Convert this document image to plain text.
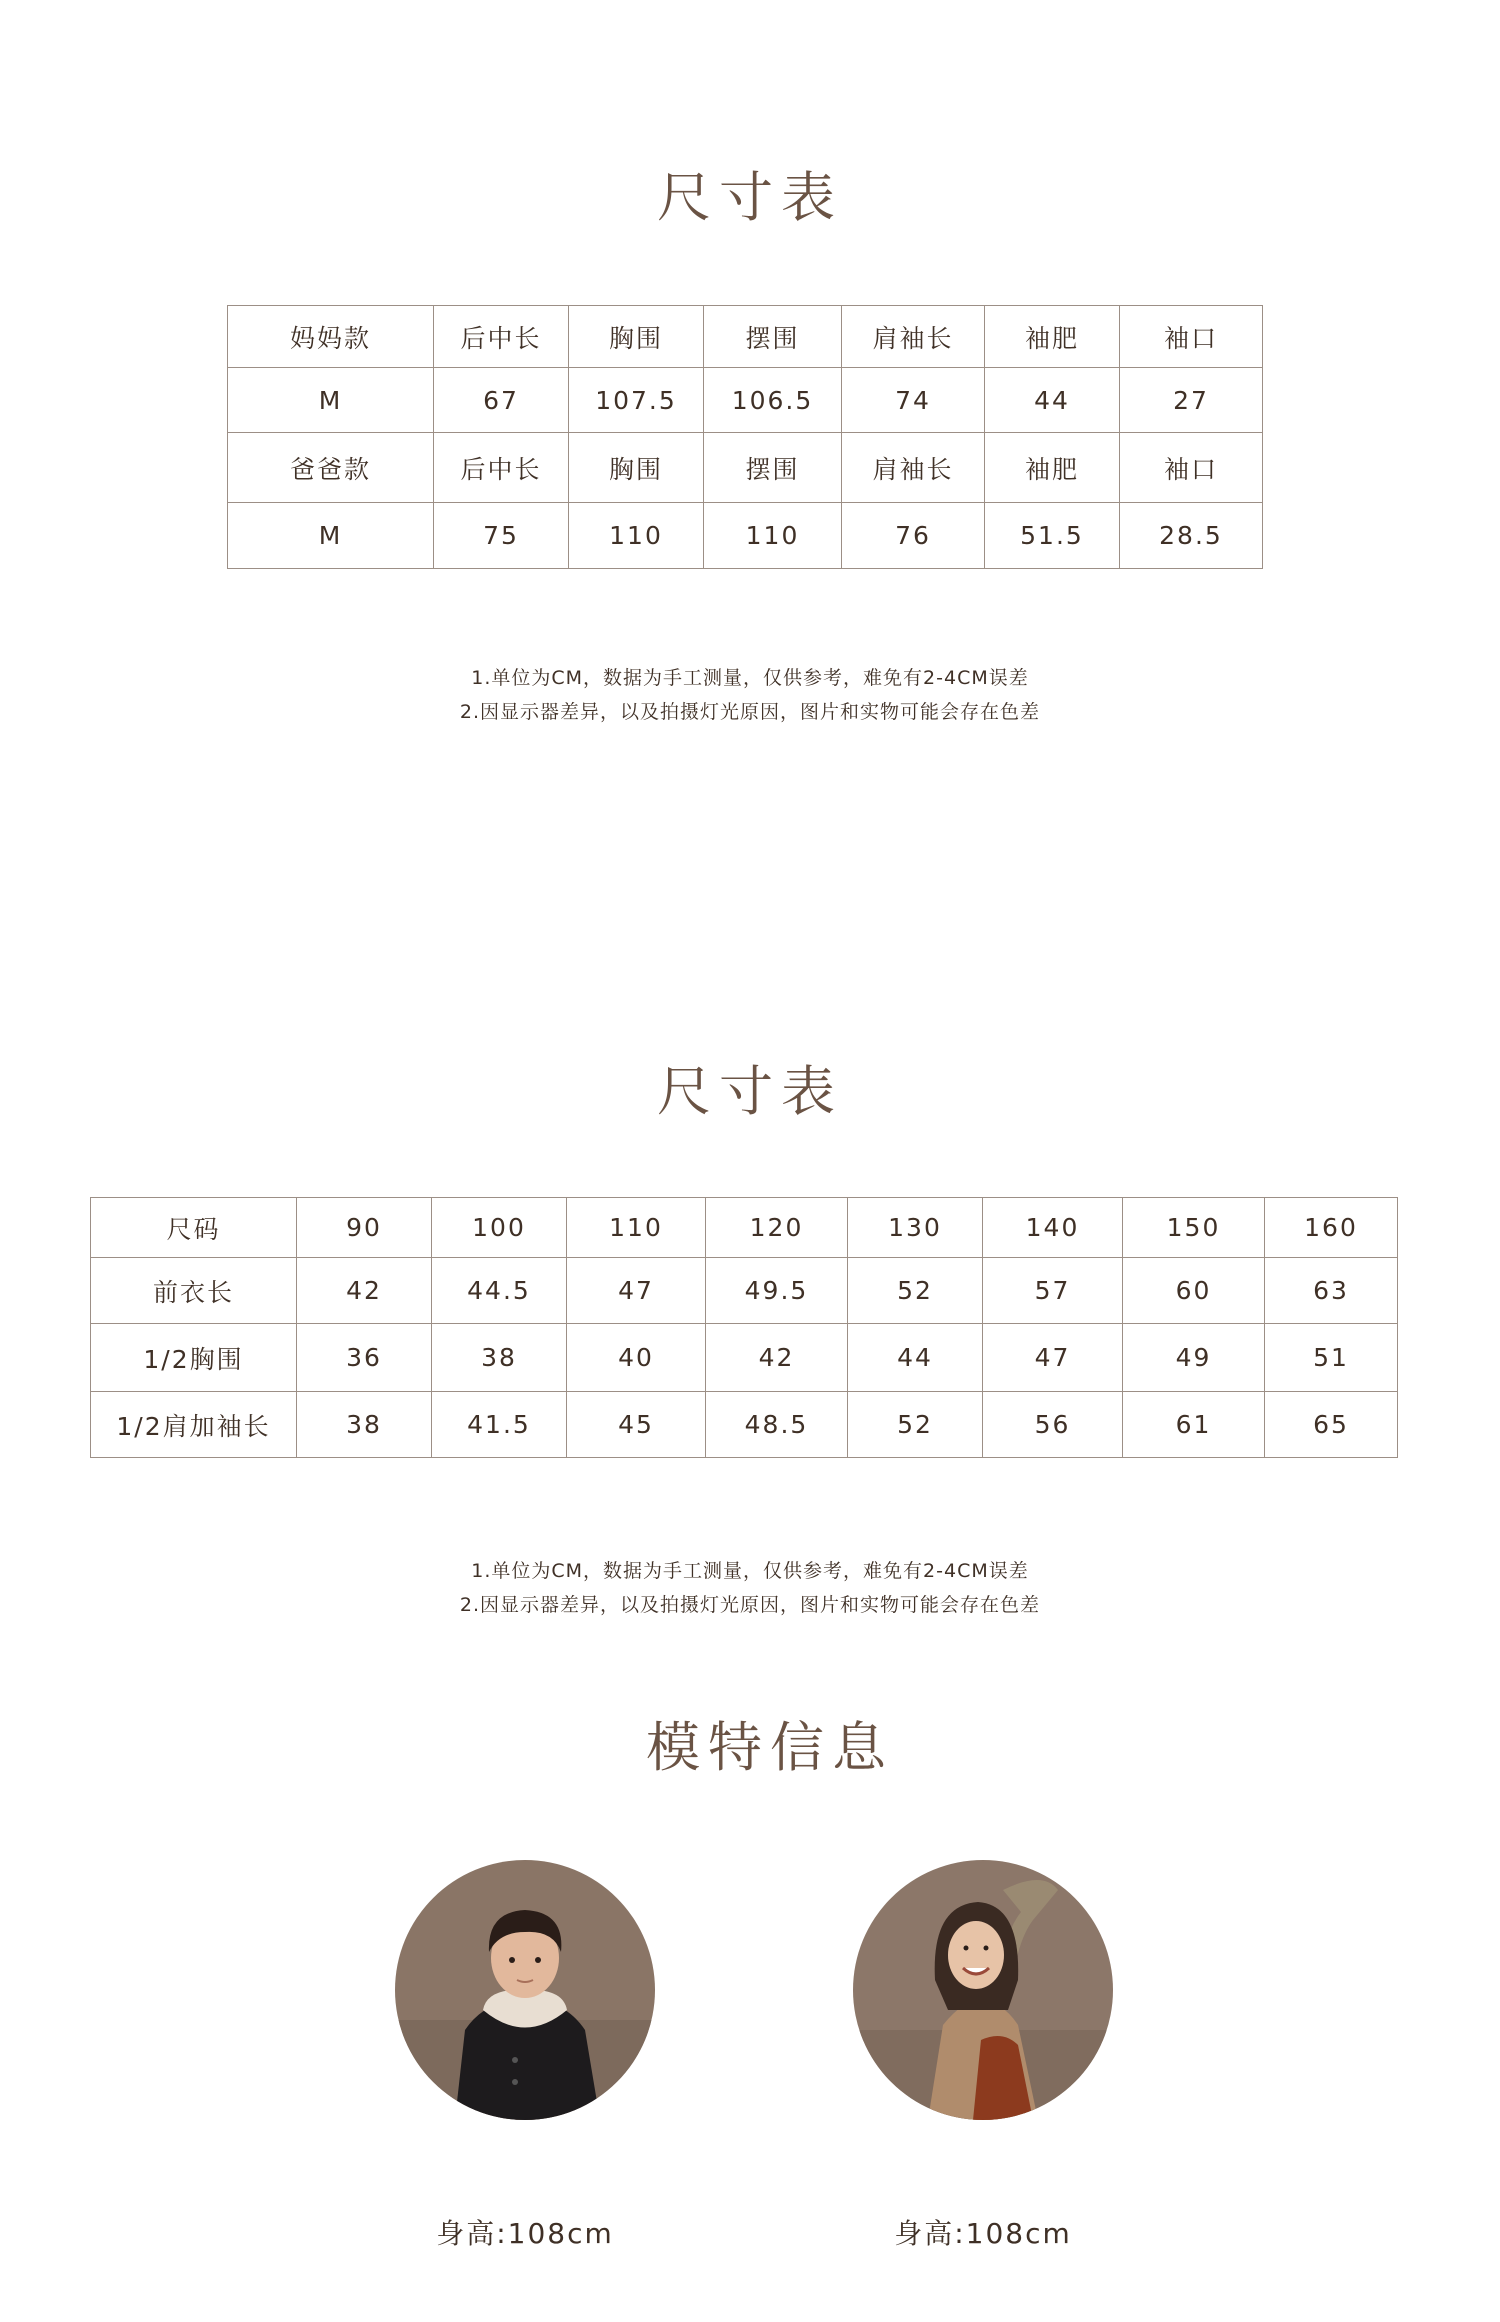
尺寸表
妈妈款	后中长	胸围	摆围	肩袖长	袖肥	袖口
M	67	107.5	106.5	74	44	27
爸爸款	后中长	胸围	摆围	肩袖长	袖肥	袖口
M	75	110	110	76	51.5	28.5

1.单位为CM，数据为手工测量，仅供参考，难免有2-4CM误差

2.因显示器差异，以及拍摄灯光原因，图片和实物可能会存在色差

尺寸表
尺码	90	100	110	120	130	140	150	160
前衣长	42	44.5	47	49.5	52	57	60	63
1/2胸围	36	38	40	42	44	47	49	51
1/2肩加袖长	38	41.5	45	48.5	52	56	61	65

1.单位为CM，数据为手工测量，仅供参考，难免有2-4CM误差

2.因显示器差异，以及拍摄灯光原因，图片和实物可能会存在色差

模特信息
身高:108cm	身高:108cm
